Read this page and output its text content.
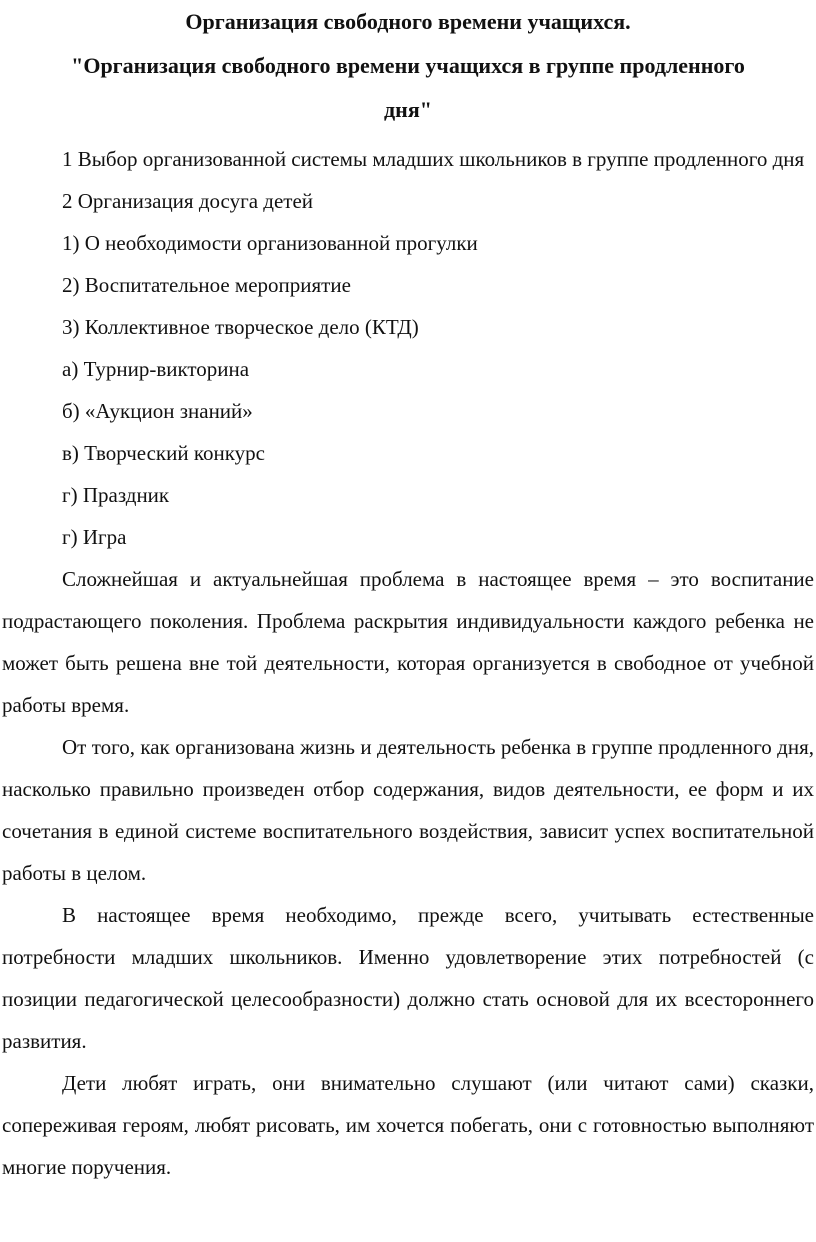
Организация свободного времени учащихся.

"Организация свободного времени учащихся в группе продленного дня"

1 Выбор организованной системы младших школьников в группе продленного дня

2 Организация досуга детей

1) О необходимости организованной прогулки

2) Воспитательное мероприятие

3) Коллективное творческое дело (КТД)

а) Турнир-викторина

б) «Аукцион знаний»

в) Творческий конкурс

г) Праздник

г) Игра

Сложнейшая и актуальнейшая проблема в настоящее время – это воспитание подрастающего поколения. Проблема раскрытия индивидуальности каждого ребенка не может быть решена вне той деятельности, которая организуется в свободное от учебной работы время.

От того, как организована жизнь и деятельность ребенка в группе продленного дня, насколько правильно произведен отбор содержания, видов деятельности, ее форм и их сочетания в единой системе воспитательного воздействия, зависит успех воспитательной работы в целом.

В настоящее время необходимо, прежде всего, учитывать естественные потребности младших школьников. Именно удовлетворение этих потребностей (с позиции педагогической целесообразности) должно стать основой для их всестороннего развития.

Дети любят играть, они внимательно слушают (или читают сами) сказки, сопереживая героям, любят рисовать, им хочется побегать, они с готовностью выполняют многие поручения.
